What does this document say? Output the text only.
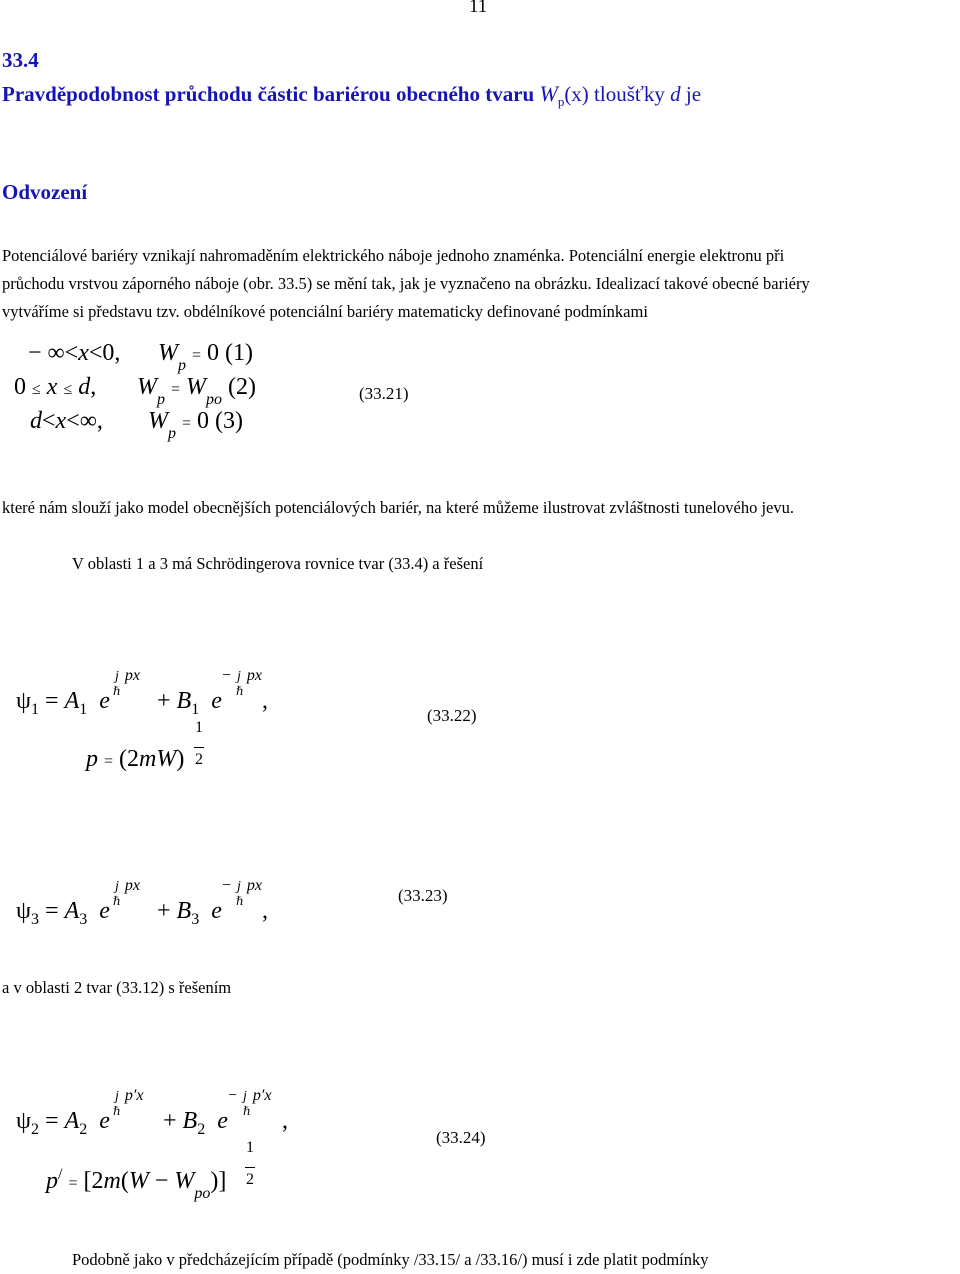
11
33.4
Pravděpodobnost průchodu částic bariérou obecného tvaru $W_p(x)$ tloušťky d je
Odvození
Potenciálové bariéry vznikají nahromaděním elektrického náboje jednoho znaménka. Potenciální energie elektronu při
průchodu vrstvou záporného náboje (obr. 33.5) se mění tak, jak je vyznačeno na obrázku. Idealizací takové obecné bariéry
vytváříme si představu tzv. obdélníkové potenciální bariéry matematicky definované podmínkami
− ∞<x<0, $W_p = 0$ (1)
0 ≤ x ≤ d, $W_p = W_{po}$ (2)
d<x<∞, $W_p = 0$ (3)
(33.21)
které nám slouží jako model obecnějších potenciálových bariér, na které můžeme ilustrovat zvláštnosti tunelového jevu.
V oblasti 1 a 3 má Schrödingerova rovnice tvar (33.4) a řešení
$\psi_1 = A_1$ e
j px
ℏ + $B_1$ e
− j px
ℏ ,
(33.22)
p = (2mW)
1

2
$\psi_3 = A_3$ e
j px
ℏ + $B_3$ e
− j px
ℏ ,
(33.23)
a v oblasti 2 tvar (33.12) s řešením
$\psi_2 = A_2$ e
j p′x
ℏ + $B_2$ e
− j p′x
ℏ ,
(33.24)
$p^/ = [2m(W - W_{po})]$
1

2
Podobně jako v předcházejícím případě (podmínky /33.15/ a /33.16/) musí i zde platit podmínky
